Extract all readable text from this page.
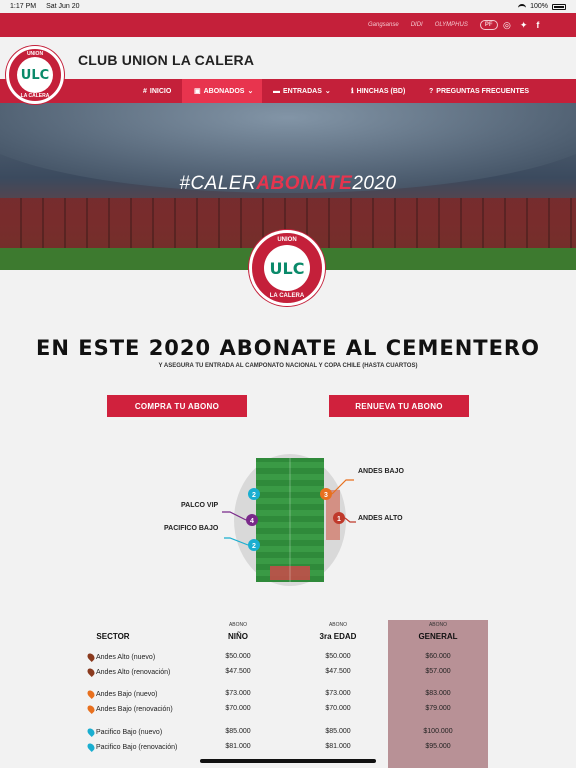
1:17 PM Sat Jun 20	100%
Gangsanse DIDI OLYMPHUS	PF	◎ ✦ f
UNION
ULC
LA CALERA
CLUB UNION LA CALERA
# INICIO	▣ ABONADOS ⌄	▬ ENTRADAS ⌄	ℹ HINCHAS (BD)	? PREGUNTAS FRECUENTES
#CALERABONATE2020
UNION
ULC
LA CALERA
EN ESTE 2020 ABONATE AL CEMENTERO
Y ASEGURA TU ENTRADA AL CAMPONATO NACIONAL Y COPA CHILE (HASTA CUARTOS)
COMPRA TU ABONO	RENUEVA TU ABONO
2
4
2
3
1
ANDES BAJO
ANDES ALTO
PALCO VIP
PACIFICO BAJO
ABONO	ABONO	ABONO
SECTOR	NIÑO	3ra EDAD	GENERAL
Andes Alto (nuevo)	$50.000	$50.000	$60.000
Andes Alto (renovación)	$47.500	$47.500	$57.000
Andes Bajo (nuevo)	$73.000	$73.000	$83.000
Andes Bajo (renovación)	$70.000	$70.000	$79.000
Pacifico Bajo (nuevo)	$85.000	$85.000	$100.000
Pacifico Bajo (renovación)	$81.000	$81.000	$95.000
